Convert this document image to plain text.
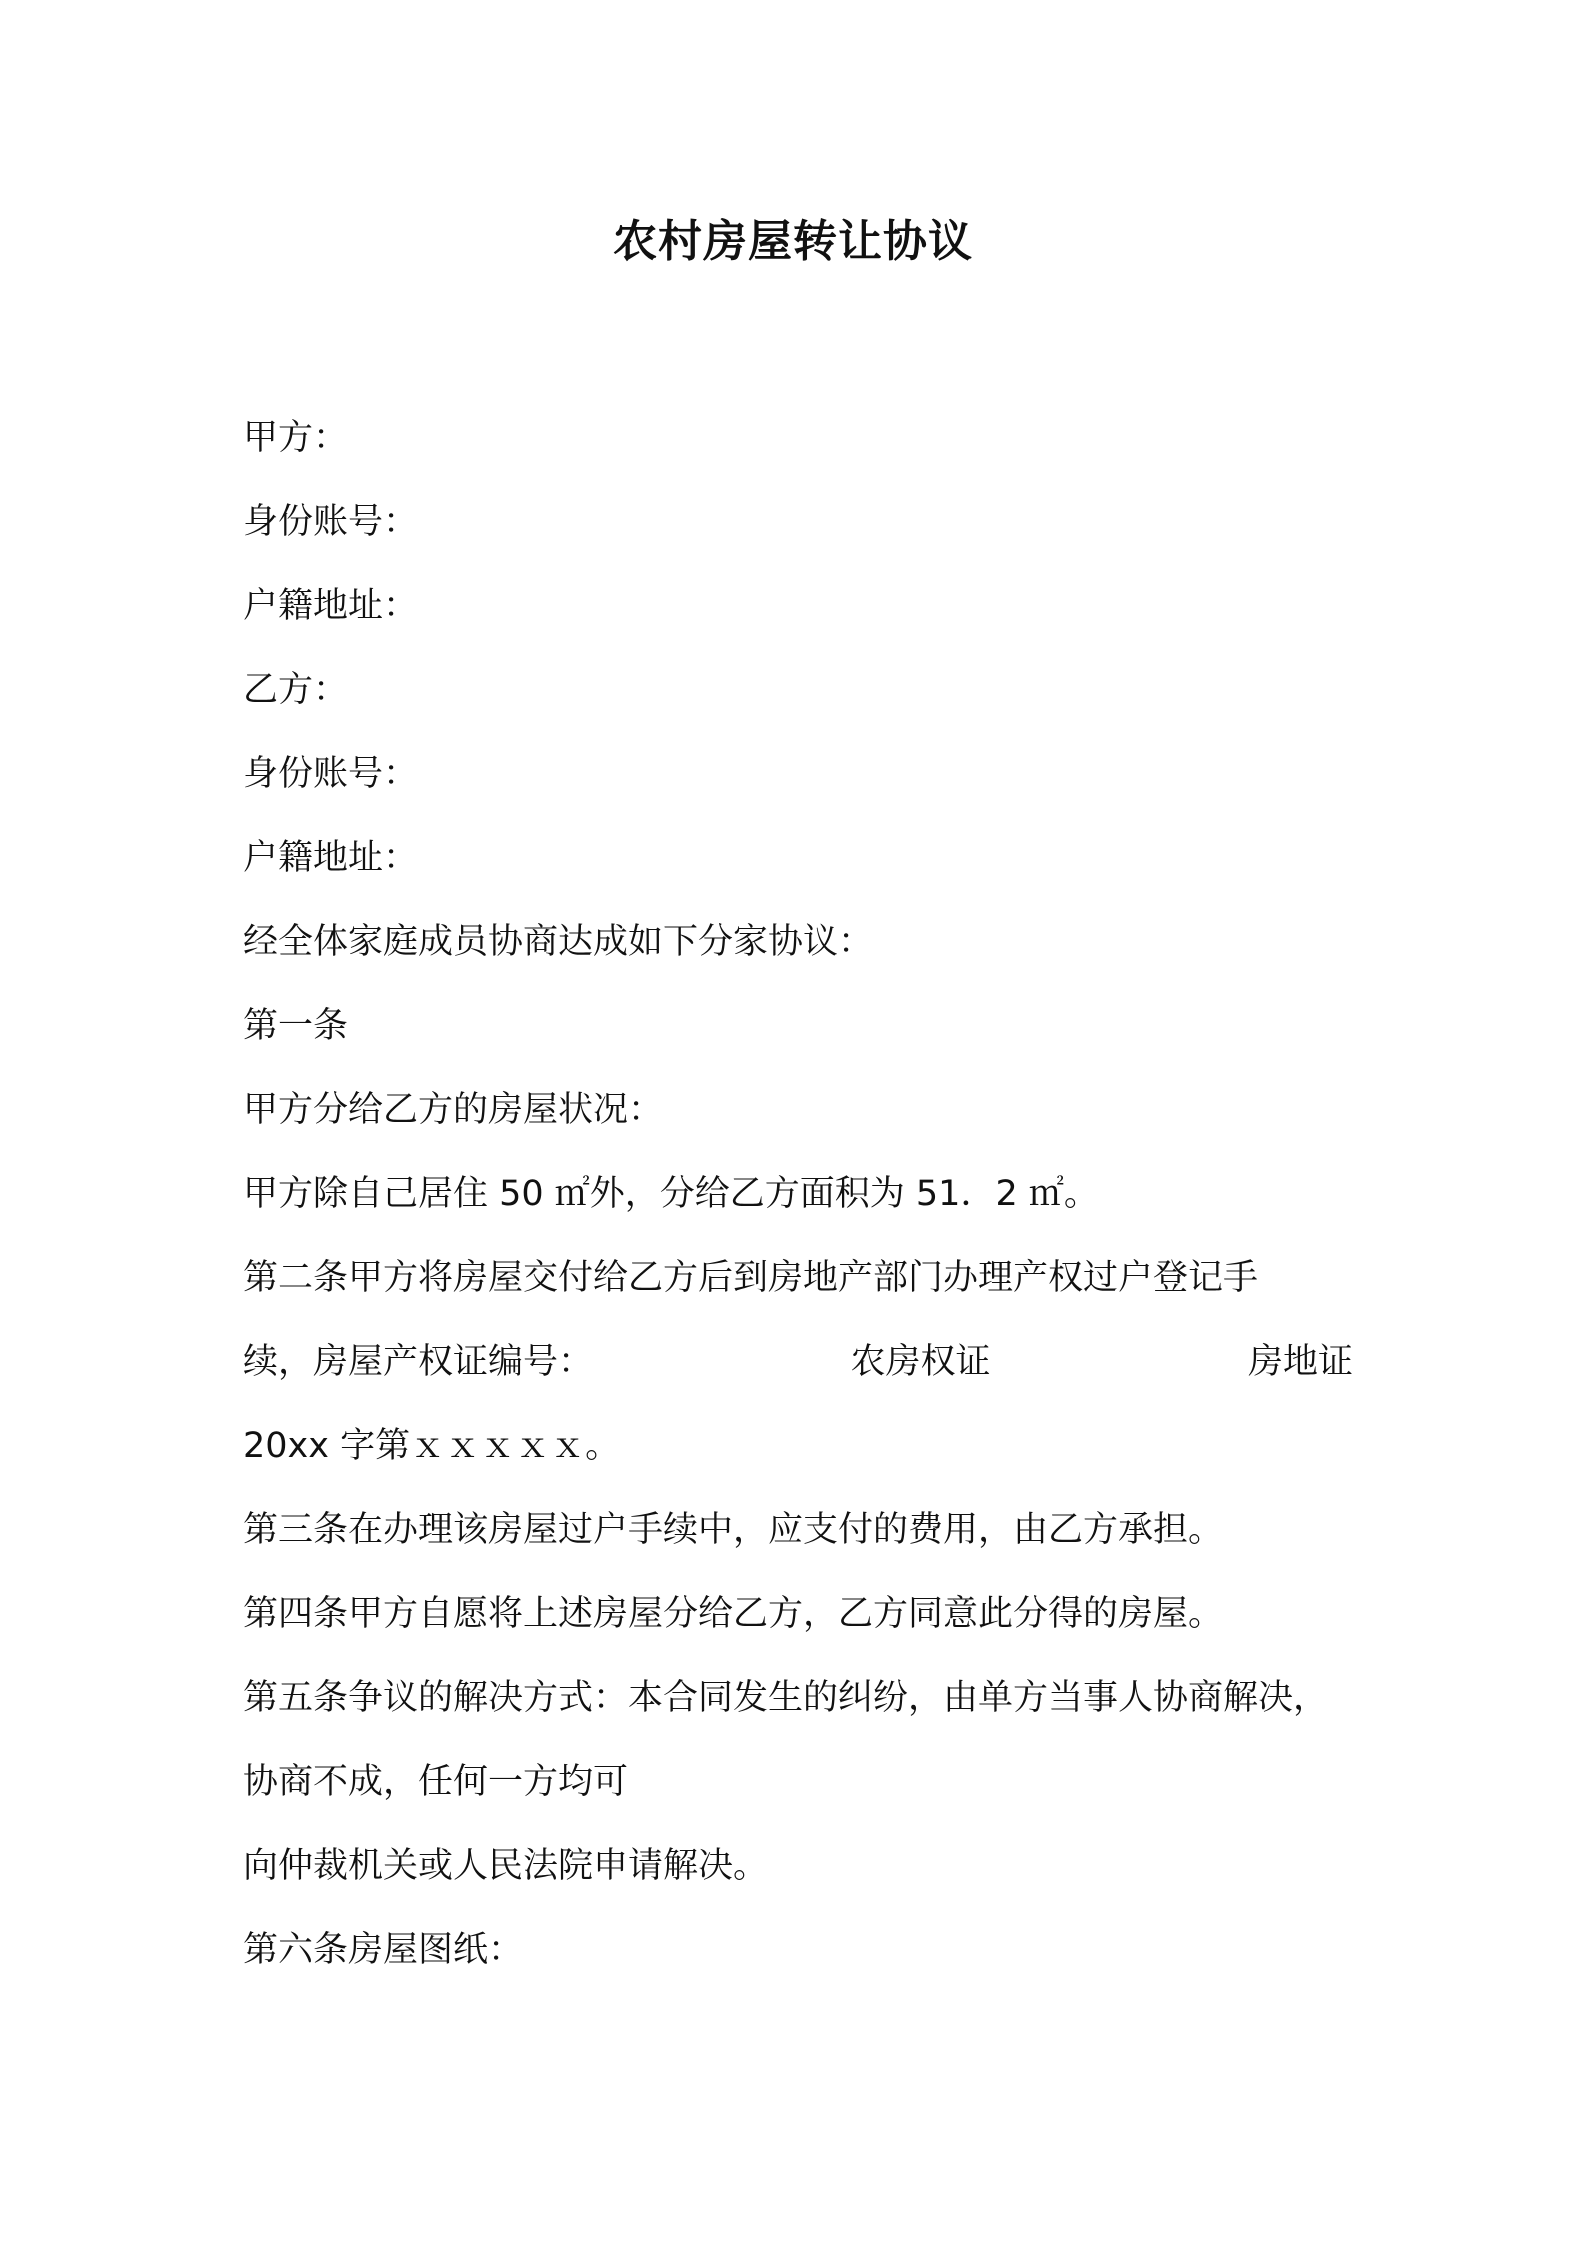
农村房屋转让协议

甲方：

身份账号：

户籍地址：

乙方：

身份账号：

户籍地址：

经全体家庭成员协商达成如下分家协议：

第一条

甲方分给乙方的房屋状况：

甲方除自己居住 50 ㎡外，分给乙方面积为 51．2 ㎡。

第二条甲方将房屋交付给乙方后到房地产部门办理产权过户登记手

续，房屋产权证编号：	农房权证	房地证

20xx 字第ｘｘｘｘｘ。

第三条在办理该房屋过户手续中，应支付的费用，由乙方承担。

第四条甲方自愿将上述房屋分给乙方，乙方同意此分得的房屋。

第五条争议的解决方式：本合同发生的纠纷，由单方当事人协商解决，

协商不成，任何一方均可

向仲裁机关或人民法院申请解决。

第六条房屋图纸：
